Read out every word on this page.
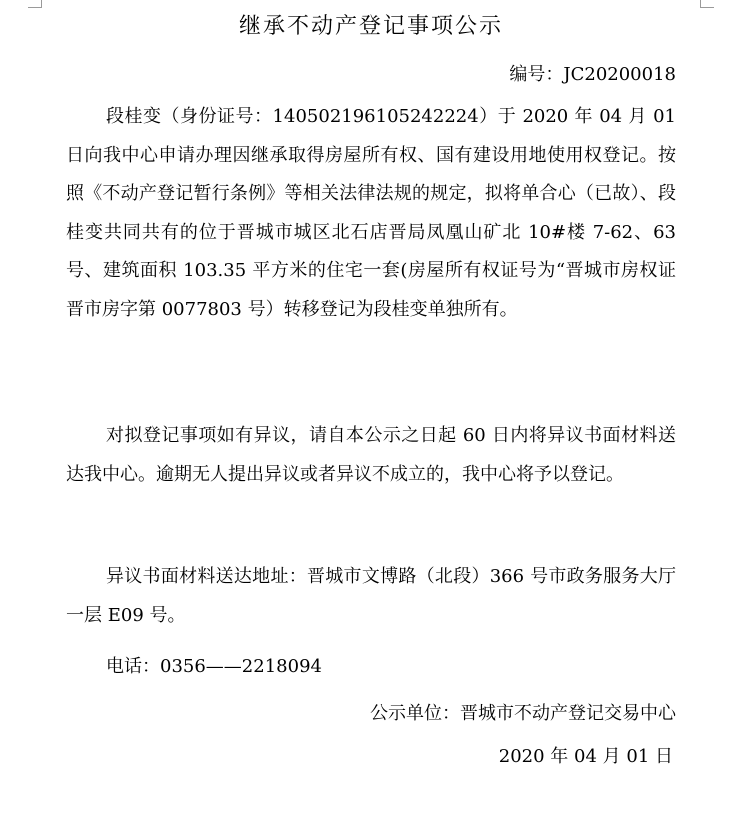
继承不动产登记事项公示
编号：JC20200018

段桂变（身份证号：140502196105242224）于 2020 年 04 月 01 日向我中心申请办理因继承取得房屋所有权、国有建设用地使用权登记。按照《不动产登记暂行条例》等相关法律法规的规定，拟将单合心（已故）、段桂变共同共有的位于晋城市城区北石店晋局凤凰山矿北 10#楼 7-62、63 号、建筑面积 103.35 平方米的住宅一套(房屋所有权证号为“晋城市房权证晋市房字第 0077803 号）转移登记为段桂变单独所有。

对拟登记事项如有异议，请自本公示之日起 60 日内将异议书面材料送达我中心。逾期无人提出异议或者异议不成立的，我中心将予以登记。

异议书面材料送达地址：晋城市文博路（北段）366 号市政务服务大厅一层 E09 号。

电话：0356——2218094
公示单位：晋城市不动产登记交易中心
2020 年 04 月 01 日
